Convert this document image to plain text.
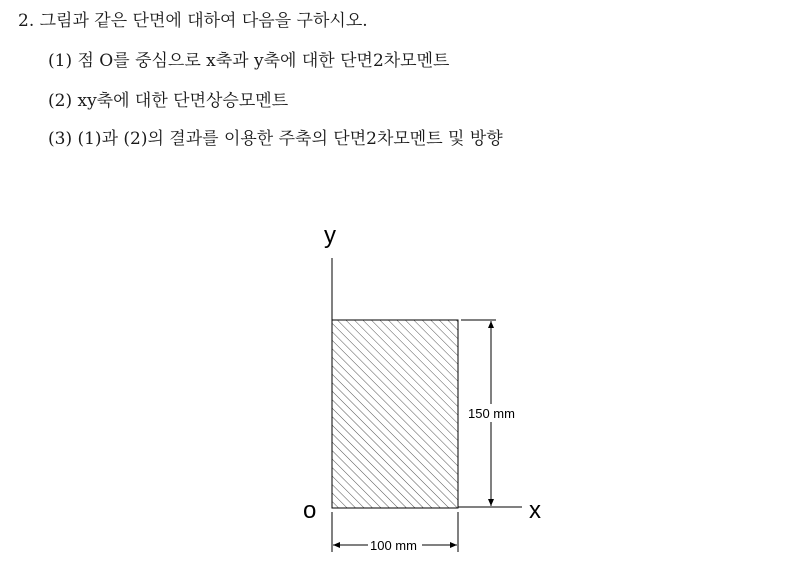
2. 그림과 같은 단면에 대하여 다음을 구하시오.
(1) 점 O를 중심으로 x축과 y축에 대한 단면2차모멘트
(2) xy축에 대한 단면상승모멘트
(3) (1)과 (2)의 결과를 이용한 주축의 단면2차모멘트 및 방향
y
x
o
150 mm
100 mm
